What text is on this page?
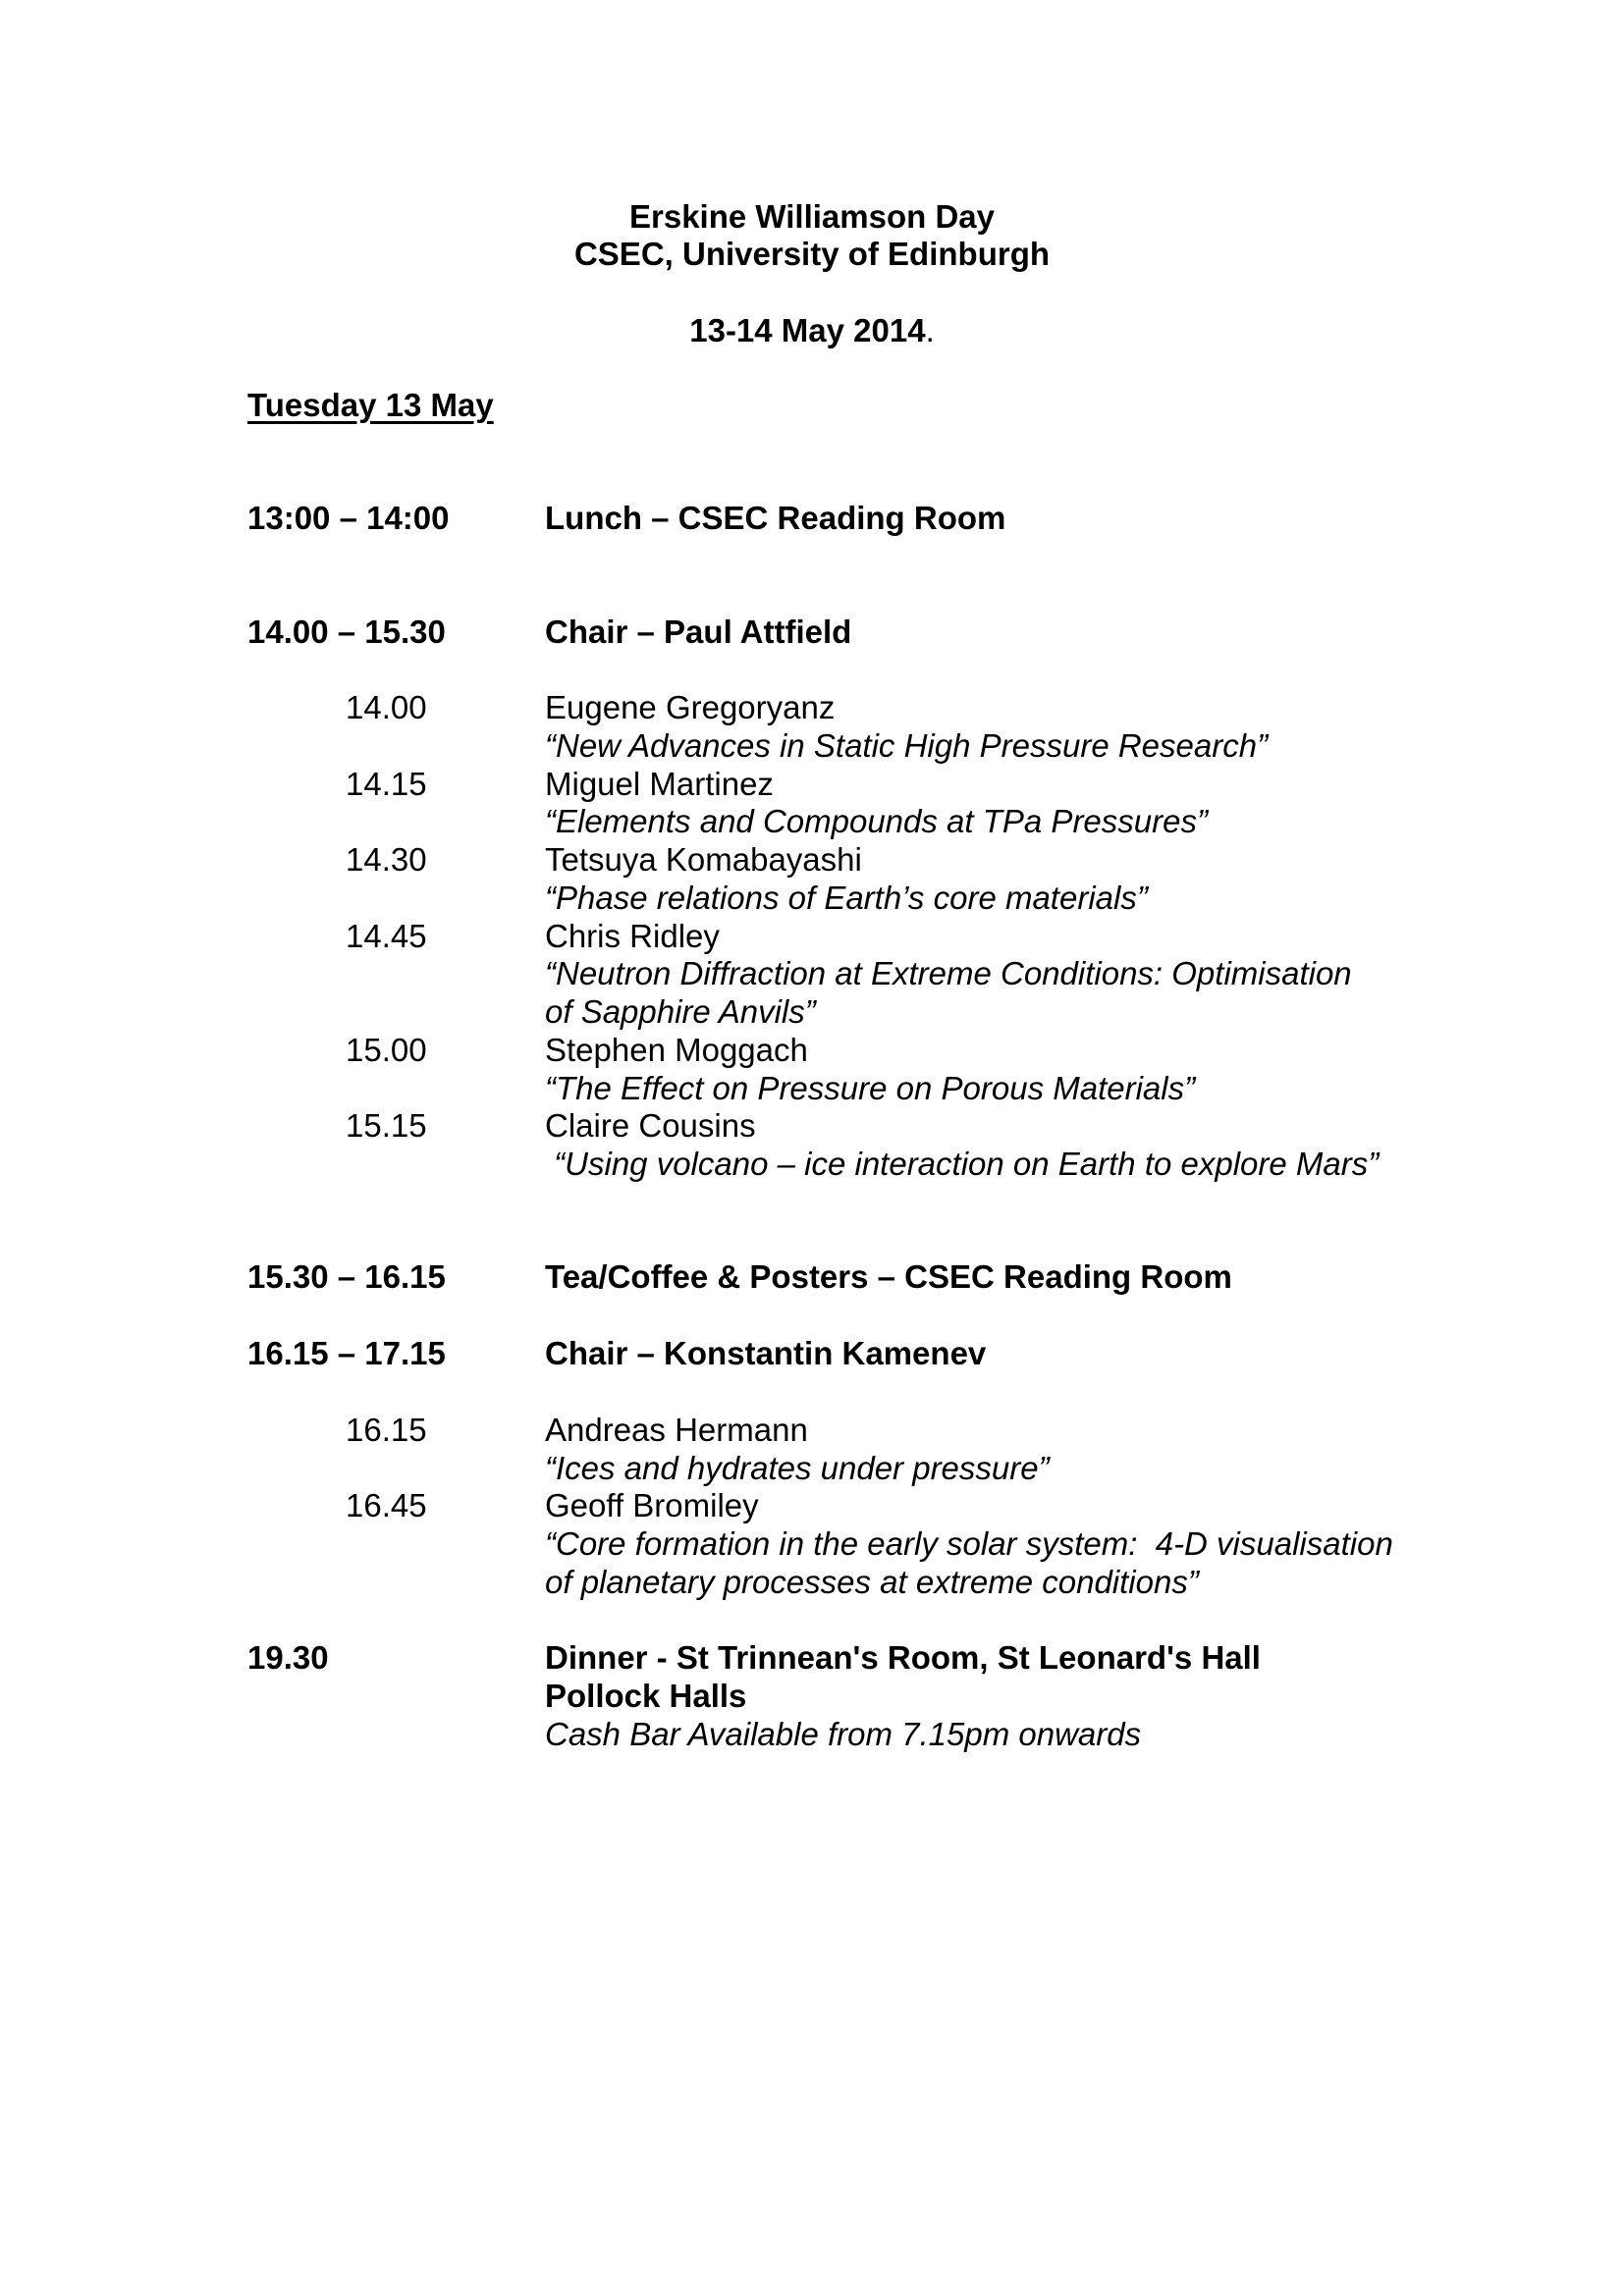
Erskine Williamson Day
CSEC, University of Edinburgh
13-14 May 2014.
Tuesday 13 May
13:00 – 14:00	Lunch – CSEC Reading Room
14.00 – 15.30	Chair – Paul Attfield
14.00	Eugene Gregoryanz
“New Advances in Static High Pressure Research”
14.15	Miguel Martinez
“Elements and Compounds at TPa Pressures”
14.30	Tetsuya Komabayashi
“Phase relations of Earth’s core materials”
14.45	Chris Ridley
“Neutron Diffraction at Extreme Conditions: Optimisation
of Sapphire Anvils”
15.00	Stephen Moggach
“The Effect on Pressure on Porous Materials”
15.15	Claire Cousins
“Using volcano – ice interaction on Earth to explore Mars”
15.30 – 16.15	Tea/Coffee & Posters – CSEC Reading Room
16.15 – 17.15	Chair – Konstantin Kamenev
16.15	Andreas Hermann
“Ices and hydrates under pressure”
16.45	Geoff Bromiley
“Core formation in the early solar system:  4-D visualisation
of planetary processes at extreme conditions”
19.30	Dinner - St Trinnean's Room, St Leonard's Hall
Pollock Halls
Cash Bar Available from 7.15pm onwards
